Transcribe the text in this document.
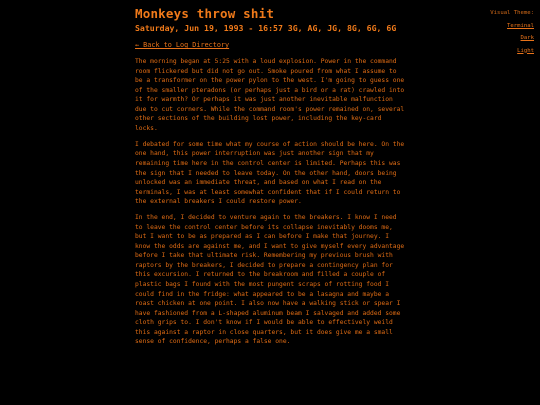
Monkeys throw shit
Saturday, Jun 19, 1993 - 16:57 3G, AG, JG, 8G, 6G, 6G
← Back to Log Directory

The morning began at 5:25 with a loud explosion. Power in the command room flickered but did not go out. Smoke poured from what I assume to be a transformer on the power pylon to the west. I'm going to guess one of the smaller pteradons (or perhaps just a bird or a rat) crawled into it for warmth? Or perhaps it was just another inevitable malfunction due to cut corners. While the command room's power remained on, several other sections of the building lost power, including the key-card locks.

I debated for some time what my course of action should be here. On the one hand, this power interruption was just another sign that my remaining time here in the control center is limited. Perhaps this was the sign that I needed to leave today. On the other hand, doors being unlocked was an immediate threat, and based on what I read on the terminals, I was at least somewhat confident that if I could return to the external breakers I could restore power.

In the end, I decided to venture again to the breakers. I know I need to leave the control center before its collapse inevitably dooms me, but I want to be as prepared as I can before I make that journey. I know the odds are against me, and I want to give myself every advantage before I take that ultimate risk. Remembering my previous brush with raptors by the breakers, I decided to prepare a contingency plan for this excursion. I returned to the breakroom and filled a couple of plastic bags I found with the most pungent scraps of rotting food I could find in the fridge: what appeared to be a lasagna and maybe a roast chicken at one point. I also now have a walking stick or spear I have fashioned from a L-shaped aluminum beam I salvaged and added some cloth grips to. I don't know if I would be able to effectively weild this against a raptor in close quarters, but it does give me a small sense of confidence, perhaps a false one.

Visual Theme:
Terminal
Dark
Light
